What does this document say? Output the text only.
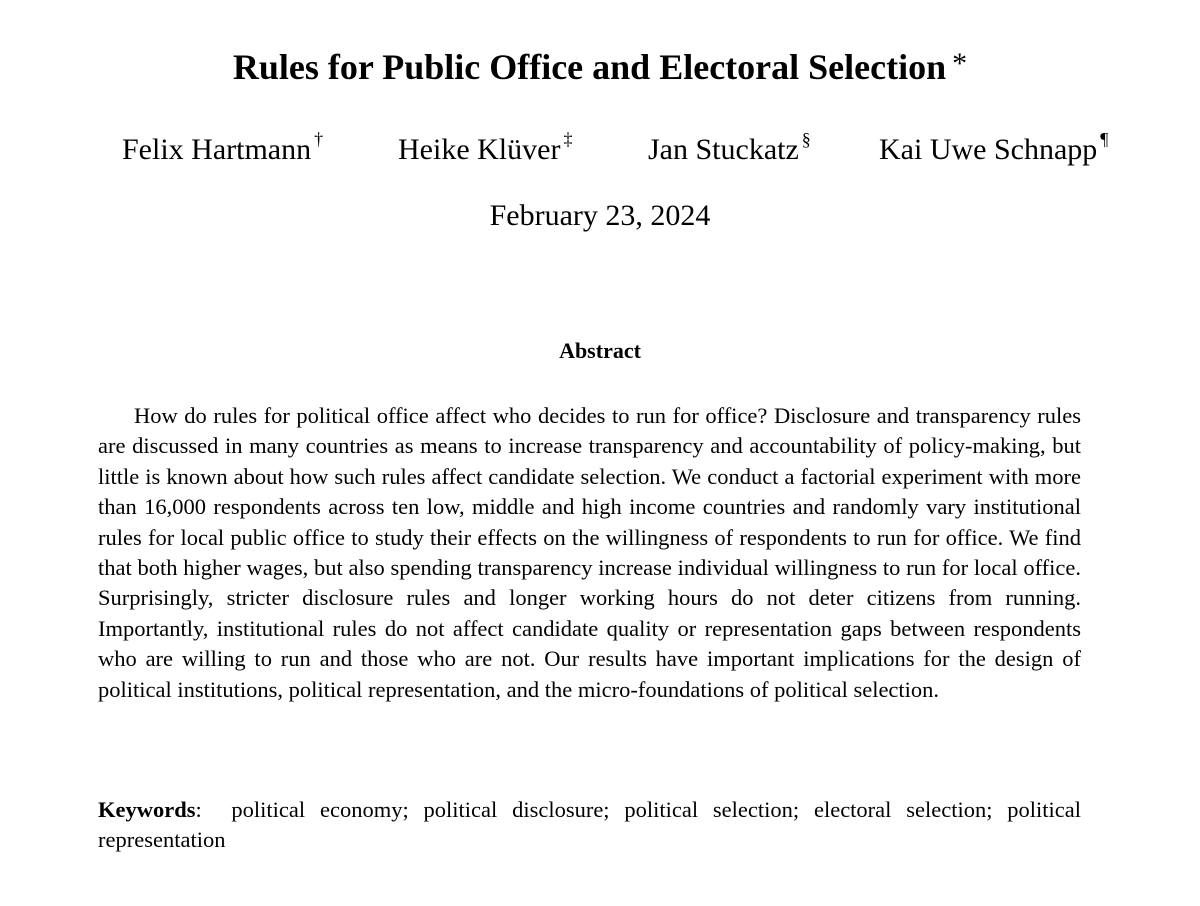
Rules for Public Office and Electoral Selection *
Felix Hartmann † Heike Klüver ‡	Jan Stuckatz § Kai Uwe Schnapp ¶
February 23, 2024
Abstract

How do rules for political office affect who decides to run for office? Disclosure and transparency rules are discussed in many countries as means to increase transparency and accountability of policy-making, but little is known about how such rules affect candidate selection. We conduct a factorial experiment with more than 16,000 respondents across ten low, middle and high income countries and randomly vary institutional rules for local public office to study their effects on the willingness of respondents to run for office. We find that both higher wages, but also spending transparency increase individual willingness to run for local office. Surprisingly, stricter disclosure rules and longer working hours do not deter citizens from running. Importantly, institutional rules do not affect candidate quality or representation gaps between respondents who are willing to run and those who are not. Our results have important implications for the design of political institutions, political representation, and the micro-foundations of political selection.

Keywords: political economy; political disclosure; political selection; electoral selection; political representation
